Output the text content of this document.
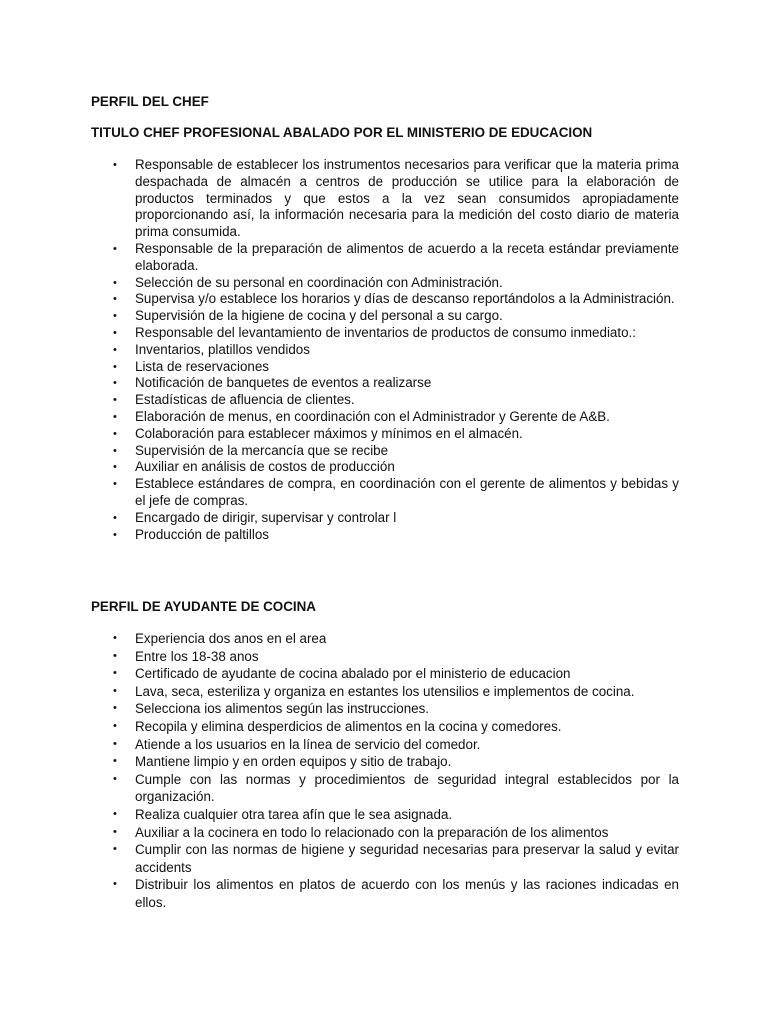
PERFIL DEL CHEF
TITULO CHEF PROFESIONAL ABALADO POR EL MINISTERIO DE EDUCACION
• Responsable de establecer los instrumentos necesarios para verificar que la materia prima despachada de almacén a centros de producción se utilice para la elaboración de productos terminados y que estos a la vez sean consumidos apropiadamente proporcionando así, la información necesaria para la medición del costo diario de materia prima consumida.
• Responsable de la preparación de alimentos de acuerdo a la receta estándar previamente elaborada.
• Selección de su personal en coordinación con Administración.
• Supervisa y/o establece los horarios y días de descanso reportándolos a la Administración.
• Supervisión de la higiene de cocina y del personal a su cargo.
• Responsable del levantamiento de inventarios de productos de consumo inmediato.:
• Inventarios, platillos vendidos
• Lista de reservaciones
• Notificación de banquetes de eventos a realizarse
• Estadísticas de afluencia de clientes.
• Elaboración de menus, en coordinación con el Administrador y Gerente de A&B.
• Colaboración para establecer máximos y mínimos en el almacén.
• Supervisión de la mercancía que se recibe
• Auxiliar en análisis de costos de producción
• Establece estándares de compra, en coordinación con el gerente de alimentos y bebidas y el jefe de compras.
• Encargado de dirigir, supervisar y controlar l
• Producción de paltillos
PERFIL DE AYUDANTE DE COCINA
• Experiencia dos anos en el area
• Entre los 18-38 anos
• Certificado de ayudante de cocina abalado por el ministerio de educacion
• Lava, seca, esteriliza y organiza en estantes los utensilios e implementos de cocina.
• Selecciona ios alimentos según las instrucciones.
• Recopila y elimina desperdicios de alimentos en la cocina y comedores.
• Atiende a los usuarios en la línea de servicio del comedor.
• Mantiene limpio y en orden equipos y sitio de trabajo.
• Cumple con las normas y procedimientos de seguridad integral establecidos por la organización.
• Realiza cualquier otra tarea afín que le sea asignada.
• Auxiliar a la cocinera en todo lo relacionado con la preparación de los alimentos
• Cumplir con las normas de higiene y seguridad necesarias para preservar la salud y evitar accidents
• Distribuir los alimentos en platos de acuerdo con los menús y las raciones indicadas en ellos.
